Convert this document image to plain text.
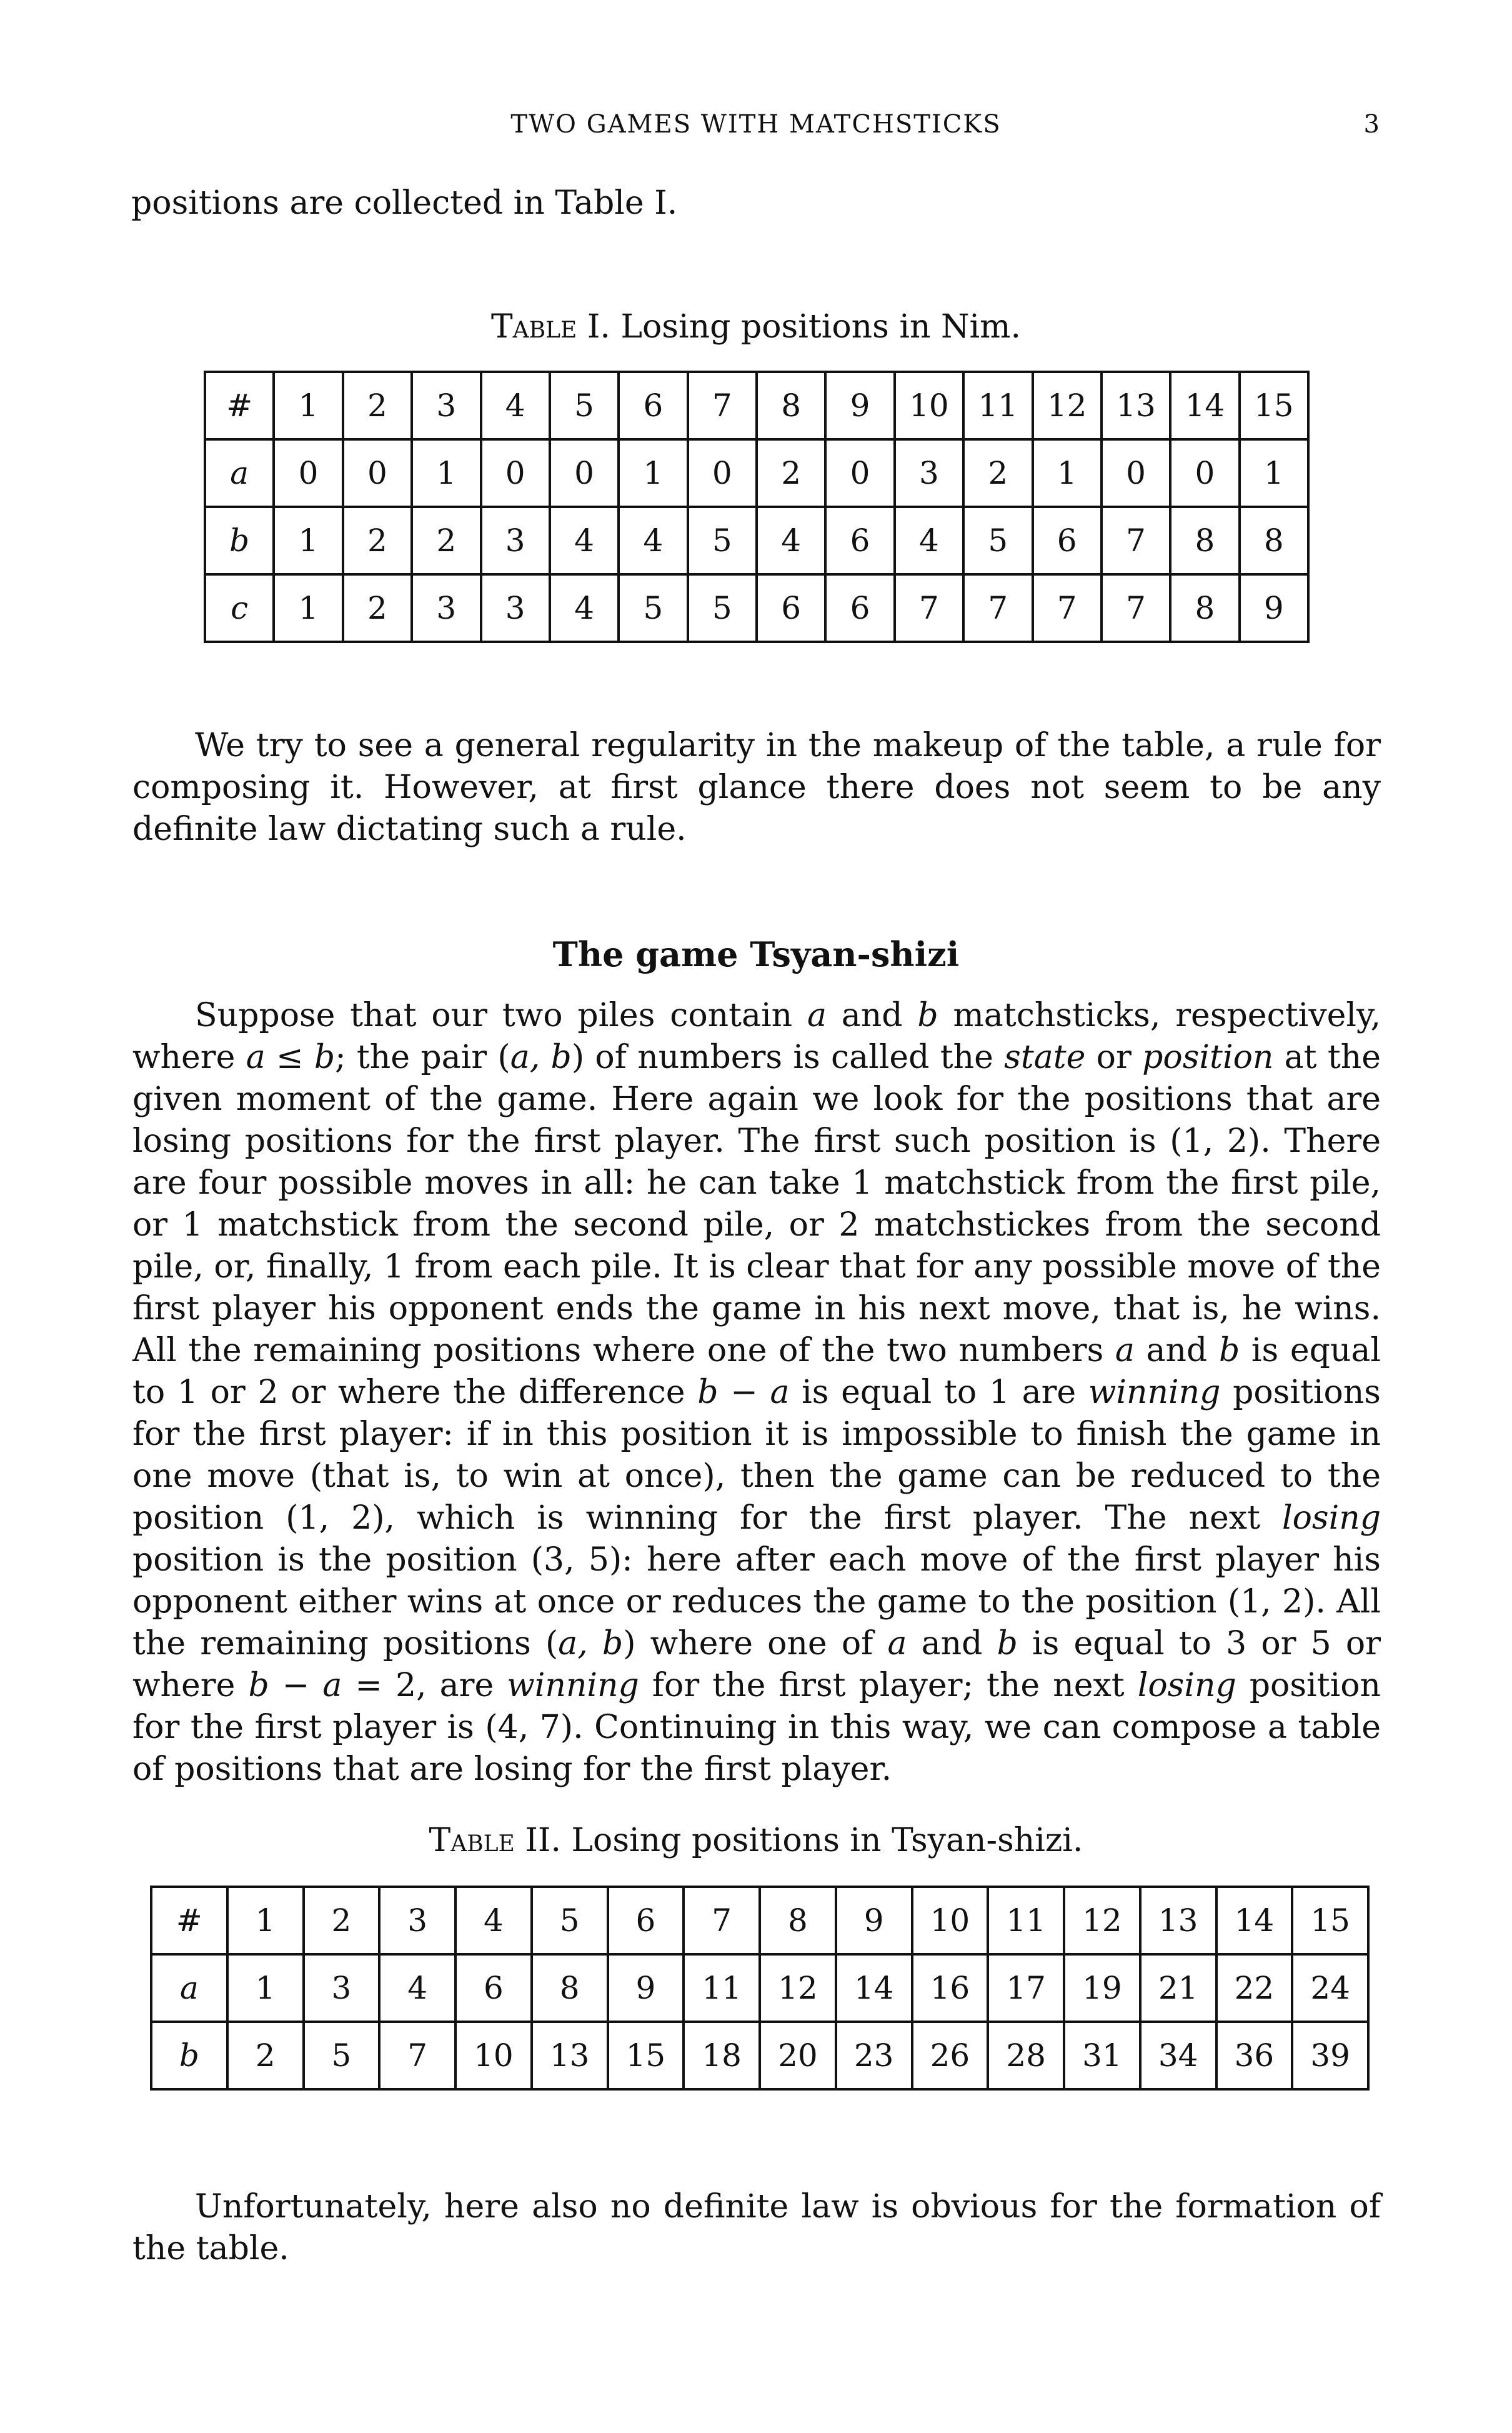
TWO GAMES WITH MATCHSTICKS	3

positions are collected in Table I.

Table I. Losing positions in Nim.
#	1	2	3	4	5	6	7	8	9	10	11	12	13	14	15
a	0	0	1	0	0	1	0	2	0	3	2	1	0	0	1
b	1	2	2	3	4	4	5	4	6	4	5	6	7	8	8
c	1	2	3	3	4	5	5	6	6	7	7	7	7	8	9

We try to see a general regularity in the makeup of the table, a rule for composing it. However, at first glance there does not seem to be any definite law dictating such a rule.

The game Tsyan-shizi

Suppose that our two piles contain a and b matchsticks, respectively, where a ≤ b; the pair (a, b) of numbers is called the state or position at the given moment of the game. Here again we look for the positions that are losing positions for the first player. The first such position is (1, 2). There are four possible moves in all: he can take 1 matchstick from the first pile, or 1 matchstick from the second pile, or 2 matchstickes from the second pile, or, finally, 1 from each pile. It is clear that for any possible move of the first player his opponent ends the game in his next move, that is, he wins. All the remaining positions where one of the two numbers a and b is equal to 1 or 2 or where the difference b − a is equal to 1 are winning positions for the first player: if in this position it is impossible to finish the game in one move (that is, to win at once), then the game can be reduced to the position (1, 2), which is winning for the first player. The next losing position is the position (3, 5): here after each move of the first player his opponent either wins at once or reduces the game to the position (1, 2). All the remaining positions (a, b) where one of a and b is equal to 3 or 5 or where b − a = 2, are winning for the first player; the next losing position for the first player is (4, 7). Continuing in this way, we can compose a table of positions that are losing for the first player.

Table II. Losing positions in Tsyan-shizi.
#	1	2	3	4	5	6	7	8	9	10	11	12	13	14	15
a	1	3	4	6	8	9	11	12	14	16	17	19	21	22	24
b	2	5	7	10	13	15	18	20	23	26	28	31	34	36	39

Unfortunately, here also no definite law is obvious for the formation of the table.
